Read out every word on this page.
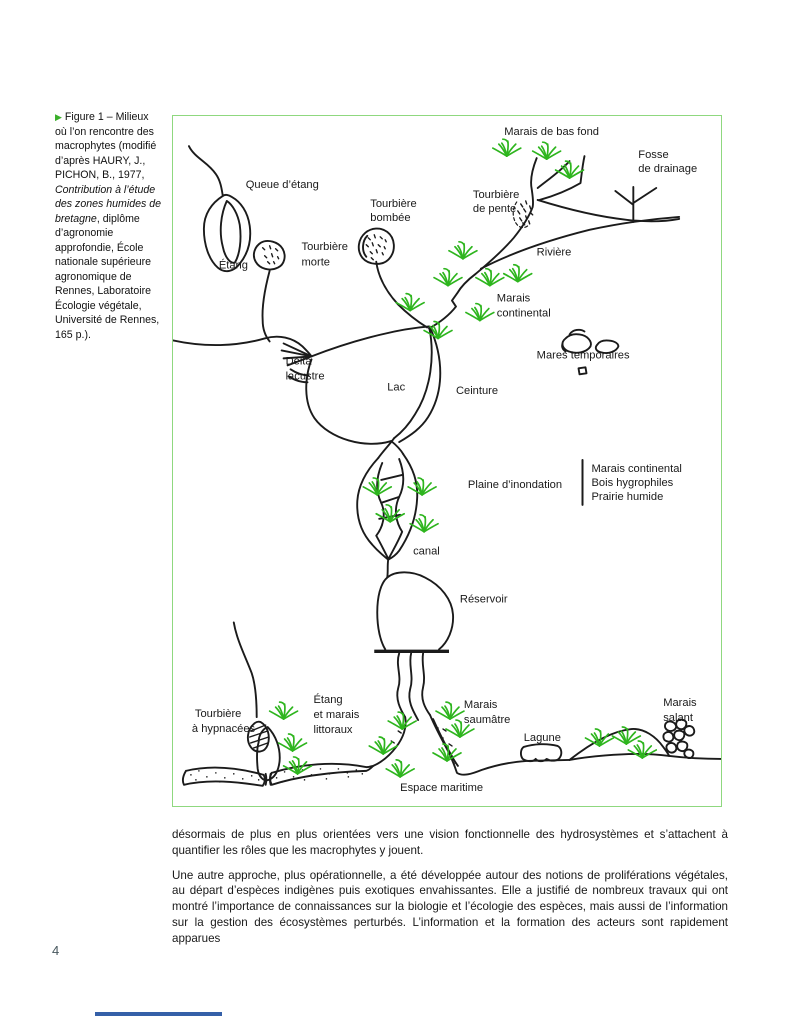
▶ Figure 1 – Milieux où l’on rencontre des macrophytes (modifié d’après HAURY, J., PICHON, B., 1977, Contribution à l’étude des zones humides de bretagne, diplôme d’agronomie approfondie, École nationale supérieure agronomique de Rennes, Laboratoire Écologie végétale, Université de Rennes, 165 p.).
Marais de bas fond
Fosse
de drainage
Queue d’étang
Tourbière
bombée
Tourbière
de pente
Rivière
Étang
Tourbière
morte
Marais
continental
Mares temporaires
Delta
lacustre
Lac	Ceinture
Plaine d’inondation
Marais continental
Bois hygrophiles
Prairie humide
canal
Réservoir
Tourbière
à hypnacées
Étang
et marais
littoraux
Marais
saumâtre
Lagune
Marais
salant
Espace maritime

désormais de plus en plus orientées vers une vision fonctionnelle des hydrosystèmes et s’attachent à quantifier les rôles que les macrophytes y jouent.

Une autre approche, plus opérationnelle, a été développée autour des notions de proliférations végétales, au départ d’espèces indigènes puis exotiques envahissantes. Elle a justifié de nombreux travaux qui ont montré l’importance de connaissances sur la biologie et l’écologie des espèces, mais aussi de l’information sur la gestion des écosystèmes perturbés. L’information et la formation des acteurs sont rapidement apparues

4
